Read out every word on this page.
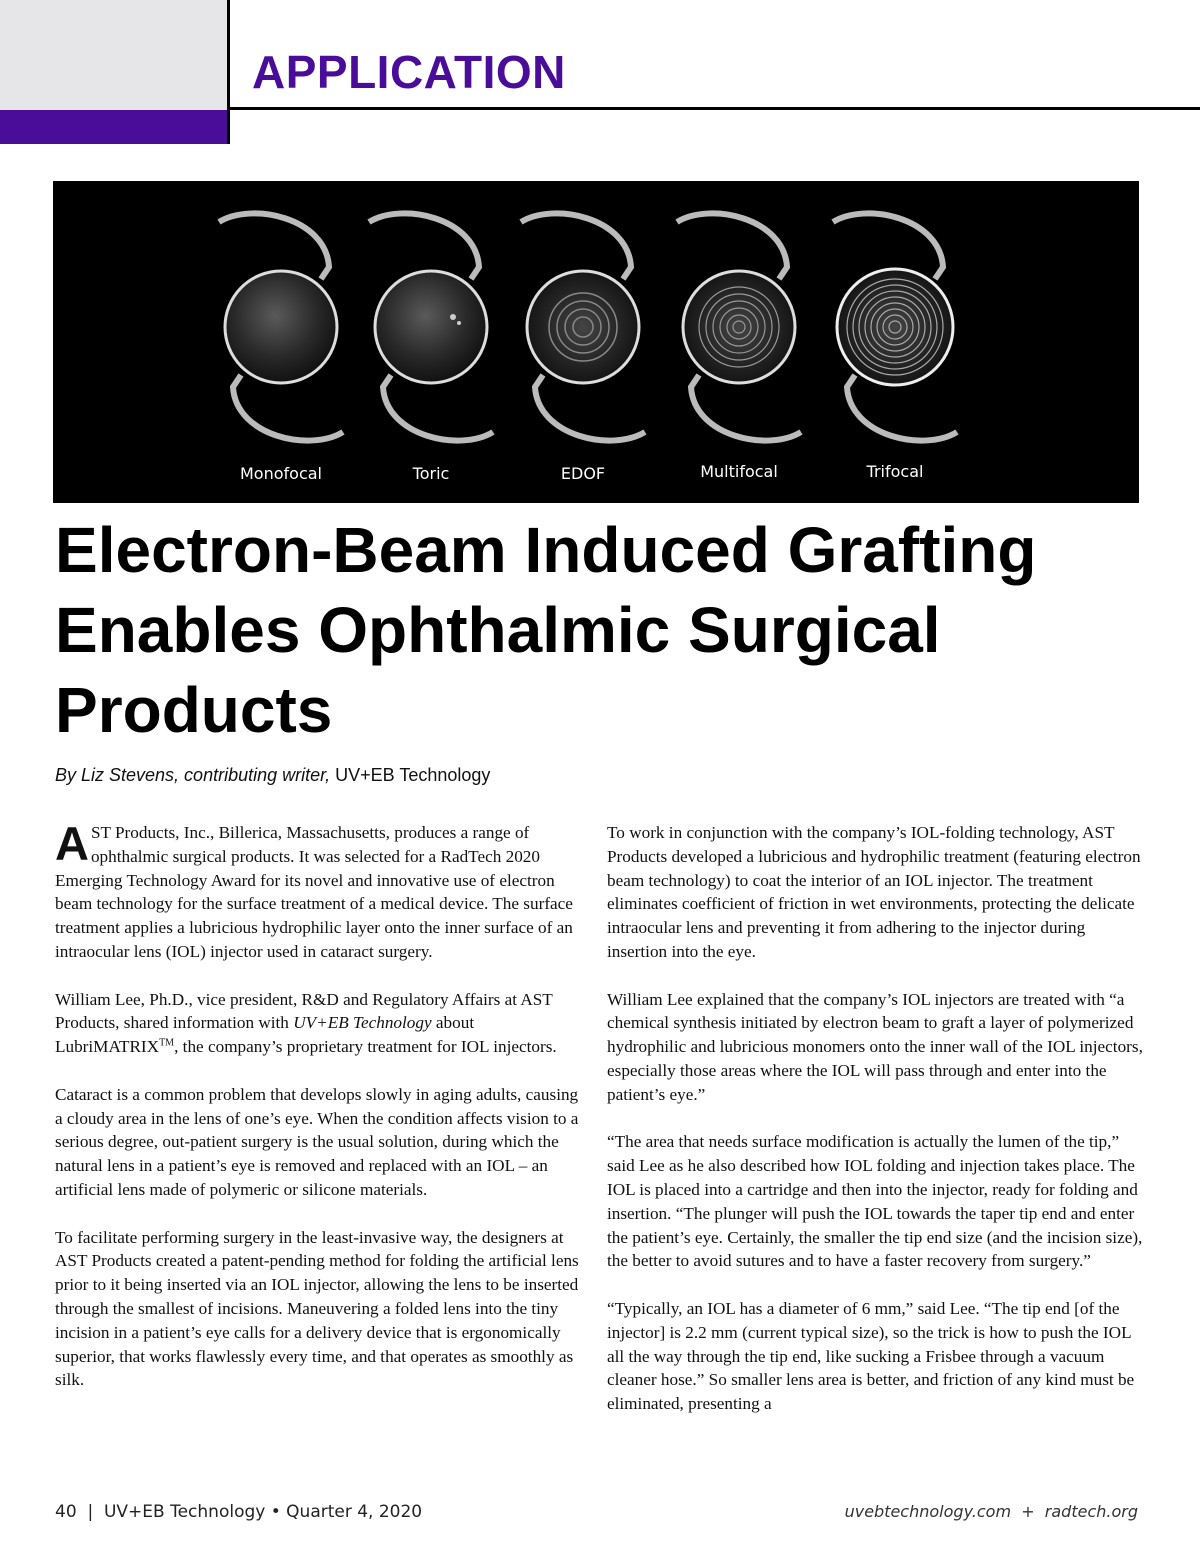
APPLICATION
Monofocal	Toric	EDOF	Multifocal	Trifocal
Electron-Beam Induced Grafting Enables Ophthalmic Surgical Products

By Liz Stevens, contributing writer, UV+EB Technology

AST Products, Inc., Billerica, Massachusetts, produces a range of ophthalmic surgical products. It was selected for a RadTech 2020 Emerging Technology Award for its novel and innovative use of electron beam technology for the surface treatment of a medical device. The surface treatment applies a lubricious hydrophilic layer onto the inner surface of an intraocular lens (IOL) injector used in cataract surgery.

William Lee, Ph.D., vice president, R&D and Regulatory Affairs at AST Products, shared information with UV+EB Technology about LubriMATRIX™, the company’s proprietary treatment for IOL injectors.

Cataract is a common problem that develops slowly in aging adults, causing a cloudy area in the lens of one’s eye. When the condition affects vision to a serious degree, out-patient surgery is the usual solution, during which the natural lens in a patient’s eye is removed and replaced with an IOL – an artificial lens made of polymeric or silicone materials.

To facilitate performing surgery in the least-invasive way, the designers at AST Products created a patent-pending method for folding the artificial lens prior to it being inserted via an IOL injector, allowing the lens to be inserted through the smallest of incisions. Maneuvering a folded lens into the tiny incision in a patient’s eye calls for a delivery device that is ergonomically superior, that works flawlessly every time, and that operates as smoothly as silk.

To work in conjunction with the company’s IOL-folding technology, AST Products developed a lubricious and hydrophilic treatment (featuring electron beam technology) to coat the interior of an IOL injector. The treatment eliminates coefficient of friction in wet environments, protecting the delicate intraocular lens and preventing it from adhering to the injector during insertion into the eye.

William Lee explained that the company’s IOL injectors are treated with “a chemical synthesis initiated by electron beam to graft a layer of polymerized hydrophilic and lubricious monomers onto the inner wall of the IOL injectors, especially those areas where the IOL will pass through and enter into the patient’s eye.”

“The area that needs surface modification is actually the lumen of the tip,” said Lee as he also described how IOL folding and injection takes place. The IOL is placed into a cartridge and then into the injector, ready for folding and insertion. “The plunger will push the IOL towards the taper tip end and enter the patient’s eye. Certainly, the smaller the tip end size (and the incision size), the better to avoid sutures and to have a faster recovery from surgery.”

“Typically, an IOL has a diameter of 6 mm,” said Lee. “The tip end [of the injector] is 2.2 mm (current typical size), so the trick is how to push the IOL all the way through the tip end, like sucking a Frisbee through a vacuum cleaner hose.” So smaller lens area is better, and friction of any kind must be eliminated, presenting a

40  |  UV+EB Technology • Quarter 4, 2020	uvebtechnology.com  +  radtech.org
